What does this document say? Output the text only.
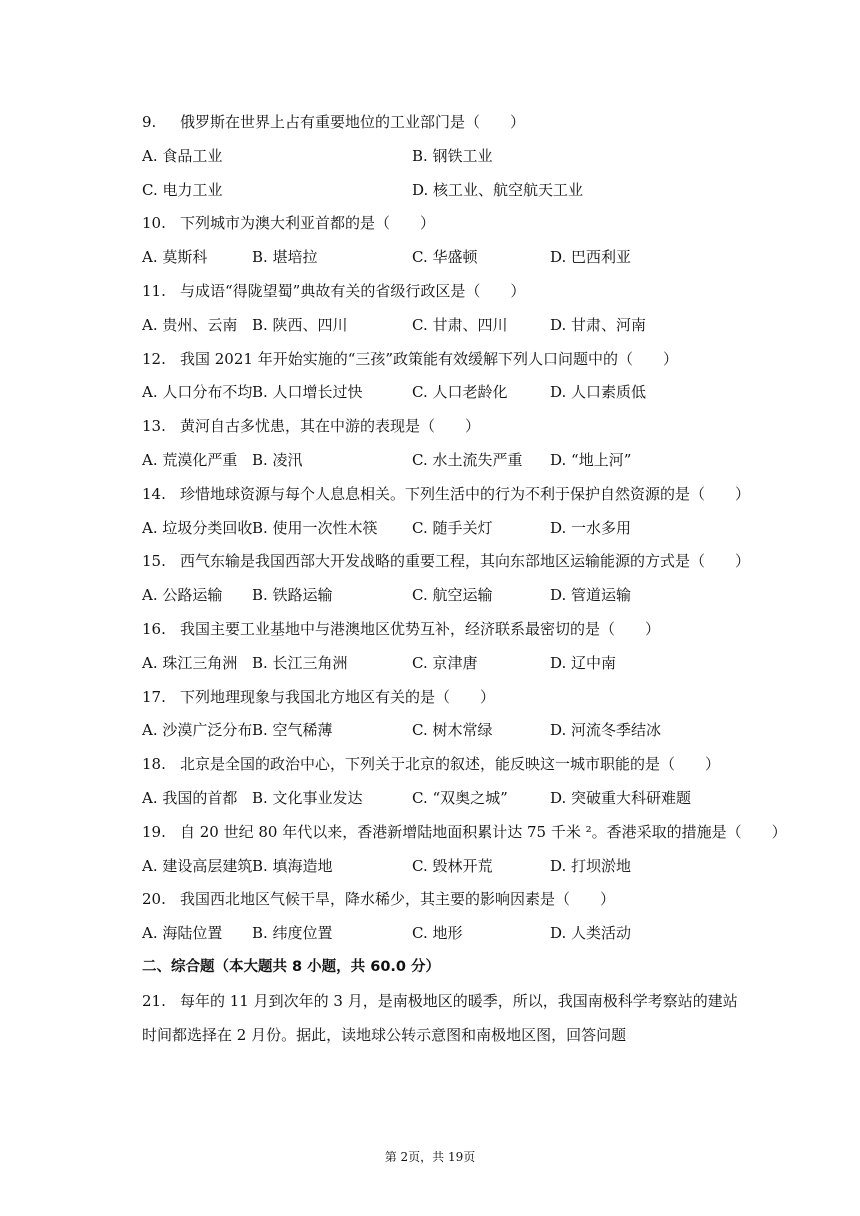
9. 俄罗斯在世界上占有重要地位的工业部门是（　　）
A. 食品工业	B. 钢铁工业
C. 电力工业	D. 核工业、航空航天工业
10. 下列城市为澳大利亚首都的是（　　）
A. 莫斯科	B. 堪培拉	C. 华盛顿	D. 巴西利亚
11. 与成语“得陇望蜀”典故有关的省级行政区是（　　）
A. 贵州、云南 B. 陕西、四川	C. 甘肃、四川	D. 甘肃、河南
12. 我国 2021 年开始实施的“三孩”政策能有效缓解下列人口问题中的（　　）
A. 人口分布不均 B. 人口增长过快	C. 人口老龄化	D. 人口素质低
13. 黄河自古多忧患，其在中游的表现是（　　）
A. 荒漠化严重 B. 凌汛	C. 水土流失严重 D. “地上河”
14. 珍惜地球资源与每个人息息相关。下列生活中的行为不利于保护自然资源的是（　　）
A. 垃圾分类回收 B. 使用一次性木筷 C. 随手关灯	D. 一水多用
15. 西气东输是我国西部大开发战略的重要工程，其向东部地区运输能源的方式是（　　）
A. 公路运输 B. 铁路运输	C. 航空运输	D. 管道运输
16. 我国主要工业基地中与港澳地区优势互补，经济联系最密切的是（　　）
A. 珠江三角洲 B. 长江三角洲	C. 京津唐	D. 辽中南
17. 下列地理现象与我国北方地区有关的是（　　）
A. 沙漠广泛分布 B. 空气稀薄	C. 树木常绿	D. 河流冬季结冰
18. 北京是全国的政治中心，下列关于北京的叙述，能反映这一城市职能的是（　　）
A. 我国的首都 B. 文化事业发达	C. “双奥之城”	D. 突破重大科研难题
19. 自 20 世纪 80 年代以来，香港新增陆地面积累计达 75 千米 ²。香港采取的措施是（　　）
A. 建设高层建筑 B. 填海造地	C. 毁林开荒	D. 打坝淤地
20. 我国西北地区气候干旱，降水稀少，其主要的影响因素是（　　）
A. 海陆位置 B. 纬度位置	C. 地形	D. 人类活动
二、综合题（本大题共 8 小题，共 60.0 分）
21. 每年的 11 月到次年的 3 月，是南极地区的暖季，所以，我国南极科学考察站的建站时间都选择在 2 月份。据此，读地球公转示意图和南极地区图，回答问题
第 2页，共 19页
